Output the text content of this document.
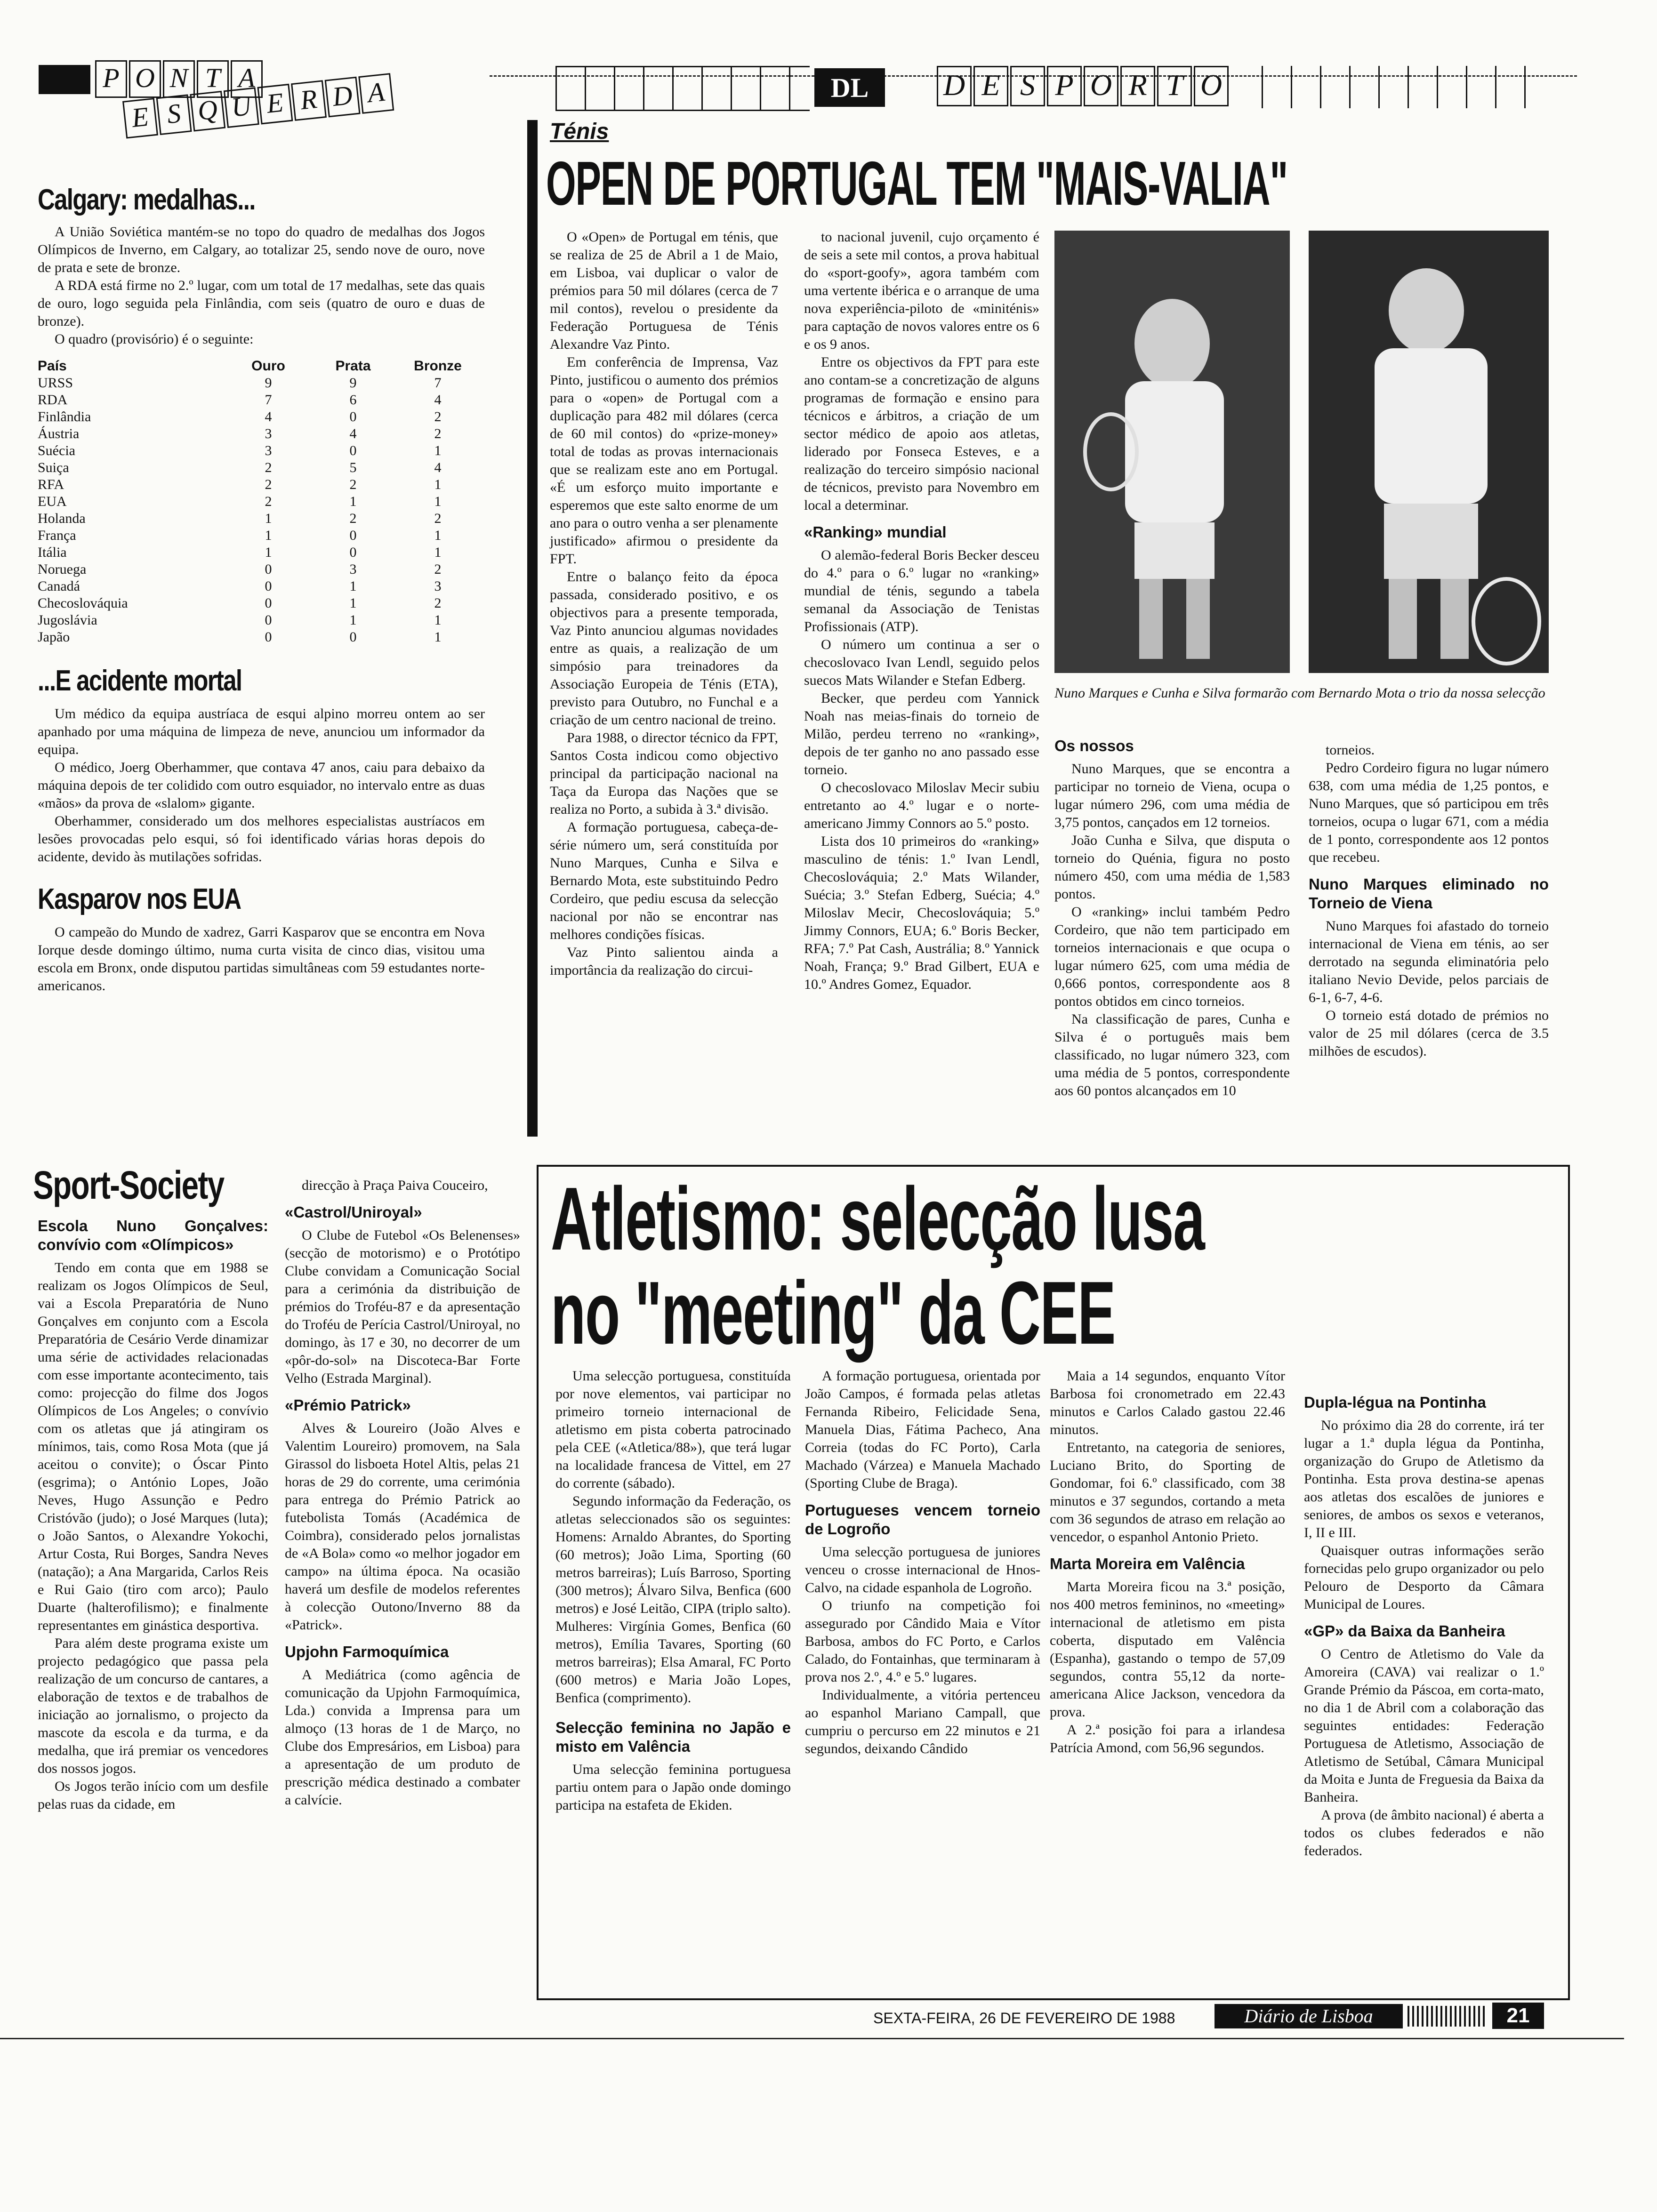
P O N T A
E S Q U E R D A	DL	D E S P O R T O
Calgary: medalhas...

A União Soviética mantém-se no topo do quadro de medalhas dos Jogos Olímpicos de Inverno, em Calgary, ao totalizar 25, sendo nove de ouro, nove de prata e sete de bronze.

A RDA está firme no 2.º lugar, com um total de 17 medalhas, sete das quais de ouro, logo seguida pela Finlândia, com seis (quatro de ouro e duas de bronze).

O quadro (provisório) é o seguinte:

País	Ouro	Prata	Bronze
URSS	9	9	7
RDA	7	6	4
Finlândia	4	0	2
Áustria	3	4	2
Suécia	3	0	1
Suiça	2	5	4
RFA	2	2	1
EUA	2	1	1
Holanda	1	2	2
França	1	0	1
Itália	1	0	1
Noruega	0	3	2
Canadá	0	1	3
Checoslováquia	0	1	2
Jugoslávia	0	1	1
Japão	0	0	1
...E acidente mortal

Um médico da equipa austríaca de esqui alpino morreu ontem ao ser apanhado por uma máquina de limpeza de neve, anunciou um informador da equipa.

O médico, Joerg Oberhammer, que contava 47 anos, caiu para debaixo da máquina depois de ter colidido com outro esquiador, no intervalo entre as duas «mãos» da prova de «slalom» gigante.

Oberhammer, considerado um dos melhores especialistas austríacos em lesões provocadas pelo esqui, só foi identificado várias horas depois do acidente, devido às mutilações sofridas.

Kasparov nos EUA

O campeão do Mundo de xadrez, Garri Kasparov que se encontra em Nova Iorque desde domingo último, numa curta visita de cinco dias, visitou uma escola em Bronx, onde disputou partidas simultâneas com 59 estudantes norte-americanos.

Ténis
OPEN DE PORTUGAL TEM "MAIS-VALIA"

O «Open» de Portugal em ténis, que se realiza de 25 de Abril a 1 de Maio, em Lisboa, vai duplicar o valor de prémios para 50 mil dólares (cerca de 7 mil contos), revelou o presidente da Federação Portuguesa de Ténis Alexandre Vaz Pinto.

Em conferência de Imprensa, Vaz Pinto, justificou o aumento dos prémios para o «open» de Portugal com a duplicação para 482 mil dólares (cerca de 60 mil contos) do «prize-money» total de todas as provas internacionais que se realizam este ano em Portugal. «É um esforço muito importante e esperemos que este salto enorme de um ano para o outro venha a ser plenamente justificado» afirmou o presidente da FPT.

Entre o balanço feito da época passada, considerado positivo, e os objectivos para a presente temporada, Vaz Pinto anunciou algumas novidades entre as quais, a realização de um simpósio para treinadores da Associação Europeia de Ténis (ETA), previsto para Outubro, no Funchal e a criação de um centro nacional de treino.

Para 1988, o director técnico da FPT, Santos Costa indicou como objectivo principal da participação nacional na Taça da Europa das Nações que se realiza no Porto, a subida à 3.ª divisão.

A formação portuguesa, cabeça-de-série número um, será constituída por Nuno Marques, Cunha e Silva e Bernardo Mota, este substituindo Pedro Cordeiro, que pediu escusa da selecção nacional por não se encontrar nas melhores condições físicas.

Vaz Pinto salientou ainda a importância da realização do circui-

to nacional juvenil, cujo orçamento é de seis a sete mil contos, a prova habitual do «sport-goofy», agora também com uma vertente ibérica e o arranque de uma nova experiência-piloto de «miniténis» para captação de novos valores entre os 6 e os 9 anos.

Entre os objectivos da FPT para este ano contam-se a concretização de alguns programas de formação e ensino para técnicos e árbitros, a criação de um sector médico de apoio aos atletas, liderado por Fonseca Esteves, e a realização do terceiro simpósio nacional de técnicos, previsto para Novembro em local a determinar.

«Ranking» mundial

O alemão-federal Boris Becker desceu do 4.º para o 6.º lugar no «ranking» mundial de ténis, segundo a tabela semanal da Associação de Tenistas Profissionais (ATP).

O número um continua a ser o checoslovaco Ivan Lendl, seguido pelos suecos Mats Wilander e Stefan Edberg.

Becker, que perdeu com Yannick Noah nas meias-finais do torneio de Milão, perdeu terreno no «ranking», depois de ter ganho no ano passado esse torneio.

O checoslovaco Miloslav Mecir subiu entretanto ao 4.º lugar e o norte-americano Jimmy Connors ao 5.º posto.

Lista dos 10 primeiros do «ranking» masculino de ténis: 1.º Ivan Lendl, Checoslováquia; 2.º Mats Wilander, Suécia; 3.º Stefan Edberg, Suécia; 4.º Miloslav Mecir, Checoslováquia; 5.º Jimmy Connors, EUA; 6.º Boris Becker, RFA; 7.º Pat Cash, Austrália; 8.º Yannick Noah, França; 9.º Brad Gilbert, EUA e 10.º Andres Gomez, Equador.

Nuno Marques e Cunha e Silva formarão com Bernardo Mota o trio da nossa selecção
Os nossos

Nuno Marques, que se encontra a participar no torneio de Viena, ocupa o lugar número 296, com uma média de 3,75 pontos, cançados em 12 torneios.

João Cunha e Silva, que disputa o torneio do Quénia, figura no posto número 450, com uma média de 1,583 pontos.

O «ranking» inclui também Pedro Cordeiro, que não tem participado em torneios internacionais e que ocupa o lugar número 625, com uma média de 0,666 pontos, correspondente aos 8 pontos obtidos em cinco torneios.

Na classificação de pares, Cunha e Silva é o português mais bem classificado, no lugar número 323, com uma média de 5 pontos, correspondente aos 60 pontos alcançados em 10

torneios.

Pedro Cordeiro figura no lugar número 638, com uma média de 1,25 pontos, e Nuno Marques, que só participou em três torneios, ocupa o lugar 671, com a média de 1 ponto, correspondente aos 12 pontos que recebeu.

Nuno Marques eliminado no Torneio de Viena

Nuno Marques foi afastado do torneio internacional de Viena em ténis, ao ser derrotado na segunda eliminatória pelo italiano Nevio Devide, pelos parciais de 6-1, 6-7, 4-6.

O torneio está dotado de prémios no valor de 25 mil dólares (cerca de 3.5 milhões de escudos).

Sport-Society
Escola Nuno Gonçalves: convívio com «Olímpicos»

Tendo em conta que em 1988 se realizam os Jogos Olímpicos de Seul, vai a Escola Preparatória de Nuno Gonçalves em conjunto com a Escola Preparatória de Cesário Verde dinamizar uma série de actividades relacionadas com esse importante acontecimento, tais como: projecção do filme dos Jogos Olímpicos de Los Angeles; o convívio com os atletas que já atingiram os mínimos, tais, como Rosa Mota (que já aceitou o convite); o Óscar Pinto (esgrima); o António Lopes, João Neves, Hugo Assunção e Pedro Cristóvão (judo); o José Marques (luta); o João Santos, o Alexandre Yokochi, Artur Costa, Rui Borges, Sandra Neves (natação); a Ana Margarida, Carlos Reis e Rui Gaio (tiro com arco); Paulo Duarte (halterofilismo); e finalmente representantes em ginástica desportiva.

Para além deste programa existe um projecto pedagógico que passa pela realização de um concurso de cantares, a elaboração de textos e de trabalhos de iniciação ao jornalismo, o projecto da mascote da escola e da turma, e da medalha, que irá premiar os vencedores dos nossos jogos.

Os Jogos terão início com um desfile pelas ruas da cidade, em

direcção à Praça Paiva Couceiro,

«Castrol/Uniroyal»

O Clube de Futebol «Os Belenenses» (secção de motorismo) e o Protótipo Clube convidam a Comunicação Social para a cerimónia da distribuição de prémios do Troféu-87 e da apresentação do Troféu de Perícia Castrol/Uniroyal, no domingo, às 17 e 30, no decorrer de um «pôr-do-sol» na Discoteca-Bar Forte Velho (Estrada Marginal).

«Prémio Patrick»

Alves & Loureiro (João Alves e Valentim Loureiro) promovem, na Sala Girassol do lisboeta Hotel Altis, pelas 21 horas de 29 do corrente, uma cerimónia para entrega do Prémio Patrick ao futebolista Tomás (Académica de Coimbra), considerado pelos jornalistas de «A Bola» como «o melhor jogador em campo» na última época. Na ocasião haverá um desfile de modelos referentes à colecção Outono/Inverno 88 da «Patrick».

Upjohn Farmoquímica

A Mediátrica (como agência de comunicação da Upjohn Farmoquímica, Lda.) convida a Imprensa para um almoço (13 horas de 1 de Março, no Clube dos Empresários, em Lisboa) para a apresentação de um produto de prescrição médica destinado a combater a calvície.

Atletismo: selecção lusa
no "meeting" da CEE

Uma selecção portuguesa, constituída por nove elementos, vai participar no primeiro torneio internacional de atletismo em pista coberta patrocinado pela CEE («Atletica/88»), que terá lugar na localidade francesa de Vittel, em 27 do corrente (sábado).

Segundo informação da Federação, os atletas seleccionados são os seguintes: Homens: Arnaldo Abrantes, do Sporting (60 metros); João Lima, Sporting (60 metros barreiras); Luís Barroso, Sporting (300 metros); Álvaro Silva, Benfica (600 metros) e José Leitão, CIPA (triplo salto). Mulheres: Virgínia Gomes, Benfica (60 metros), Emília Tavares, Sporting (60 metros barreiras); Elsa Amaral, FC Porto (600 metros) e Maria João Lopes, Benfica (comprimento).

Selecção feminina no Japão e misto em Valência

Uma selecção feminina portuguesa partiu ontem para o Japão onde domingo participa na estafeta de Ekiden.

A formação portuguesa, orientada por João Campos, é formada pelas atletas Fernanda Ribeiro, Felicidade Sena, Manuela Dias, Fátima Pacheco, Ana Correia (todas do FC Porto), Carla Machado (Várzea) e Manuela Machado (Sporting Clube de Braga).

Portugueses vencem torneio de Logroño

Uma selecção portuguesa de juniores venceu o crosse internacional de Hnos-Calvo, na cidade espanhola de Logroño.

O triunfo na competição foi assegurado por Cândido Maia e Vítor Barbosa, ambos do FC Porto, e Carlos Calado, do Fontainhas, que terminaram à prova nos 2.º, 4.º e 5.º lugares.

Individualmente, a vitória pertenceu ao espanhol Mariano Campall, que cumpriu o percurso em 22 minutos e 21 segundos, deixando Cândido

Maia a 14 segundos, enquanto Vítor Barbosa foi cronometrado em 22.43 minutos e Carlos Calado gastou 22.46 minutos.

Entretanto, na categoria de seniores, Luciano Brito, do Sporting de Gondomar, foi 6.º classificado, com 38 minutos e 37 segundos, cortando a meta com 36 segundos de atraso em relação ao vencedor, o espanhol Antonio Prieto.

Marta Moreira em Valência

Marta Moreira ficou na 3.ª posição, nos 400 metros femininos, no «meeting» internacional de atletismo em pista coberta, disputado em Valência (Espanha), gastando o tempo de 57,09 segundos, contra 55,12 da norte-americana Alice Jackson, vencedora da prova.

A 2.ª posição foi para a irlandesa Patrícia Amond, com 56,96 segundos.

Dupla-légua na Pontinha

No próximo dia 28 do corrente, irá ter lugar a 1.ª dupla légua da Pontinha, organização do Grupo de Atletismo da Pontinha. Esta prova destina-se apenas aos atletas dos escalões de juniores e seniores, de ambos os sexos e veteranos, I, II e III.

Quaisquer outras informações serão fornecidas pelo grupo organizador ou pelo Pelouro de Desporto da Câmara Municipal de Loures.

«GP» da Baixa da Banheira

O Centro de Atletismo do Vale da Amoreira (CAVA) vai realizar o 1.º Grande Prémio da Páscoa, em corta-mato, no dia 1 de Abril com a colaboração das seguintes entidades: Federação Portuguesa de Atletismo, Associação de Atletismo de Setúbal, Câmara Municipal da Moita e Junta de Freguesia da Baixa da Banheira.

A prova (de âmbito nacional) é aberta a todos os clubes federados e não federados.

SEXTA-FEIRA, 26 DE FEVEREIRO DE 1988	Diário de Lisboa	21
